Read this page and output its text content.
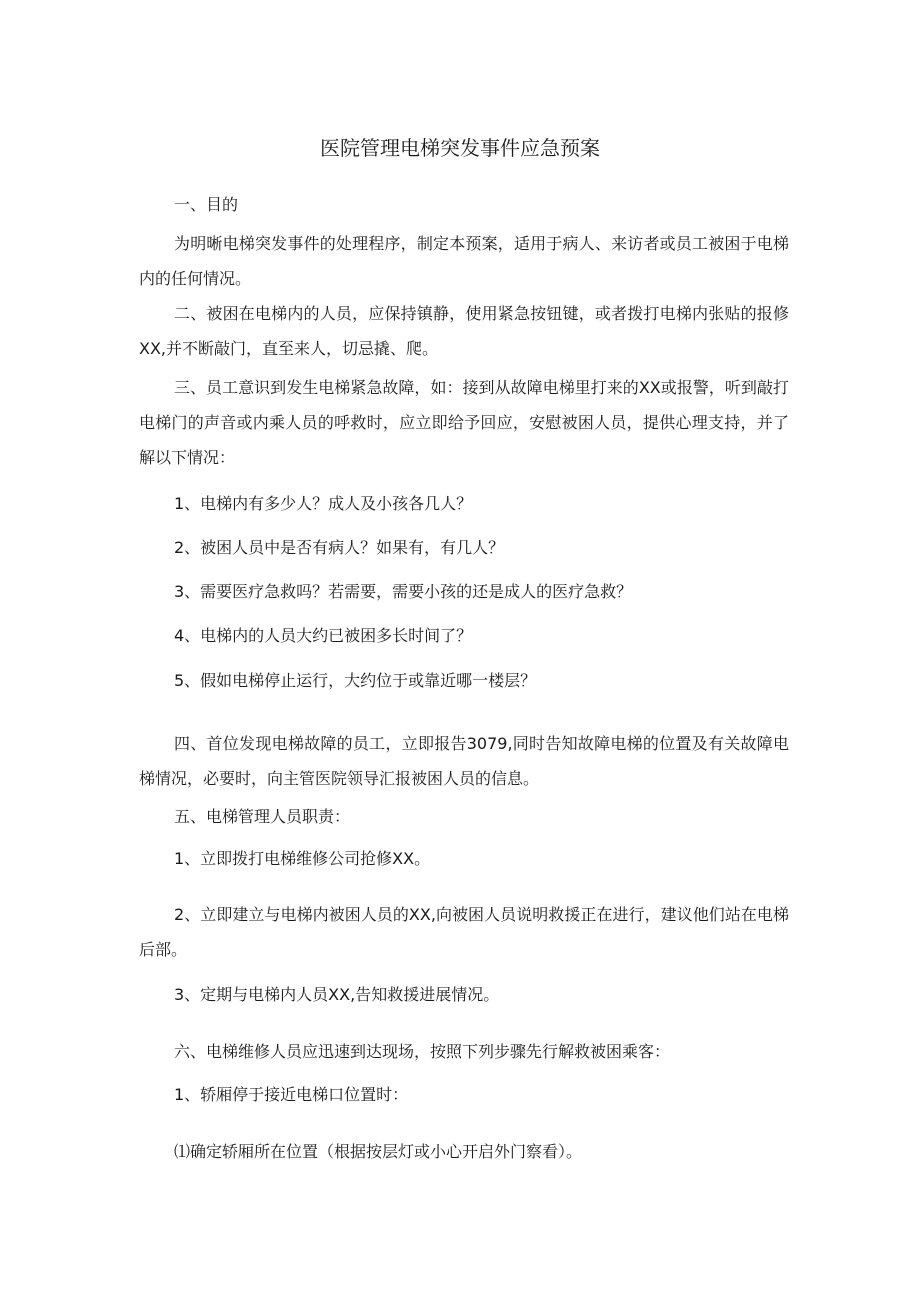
医院管理电梯突发事件应急预案
一、目的
为明晰电梯突发事件的处理程序，制定本预案，适用于病人、来访者或员工被困于电梯内的任何情况。
二、被困在电梯内的人员，应保持镇静，使用紧急按钮键，或者拨打电梯内张贴的报修XX,并不断敲门，直至来人，切忌撬、爬。
三、员工意识到发生电梯紧急故障，如：接到从故障电梯里打来的XX或报警，听到敲打电梯门的声音或内乘人员的呼救时，应立即给予回应，安慰被困人员，提供心理支持，并了解以下情况：
1、电梯内有多少人？成人及小孩各几人？
2、被困人员中是否有病人？如果有，有几人？
3、需要医疗急救吗？若需要，需要小孩的还是成人的医疗急救？
4、电梯内的人员大约已被困多长时间了？
5、假如电梯停止运行，大约位于或靠近哪一楼层？
四、首位发现电梯故障的员工，立即报告3079,同时告知故障电梯的位置及有关故障电梯情况，必要时，向主管医院领导汇报被困人员的信息。
五、电梯管理人员职责：
1、立即拨打电梯维修公司抢修XX。
2、立即建立与电梯内被困人员的XX,向被困人员说明救援正在进行，建议他们站在电梯后部。
3、定期与电梯内人员XX,告知救援进展情况。
六、电梯维修人员应迅速到达现场，按照下列步骤先行解救被困乘客：
1、轿厢停于接近电梯口位置时：
⑴确定轿厢所在位置（根据按层灯或小心开启外门察看）。
